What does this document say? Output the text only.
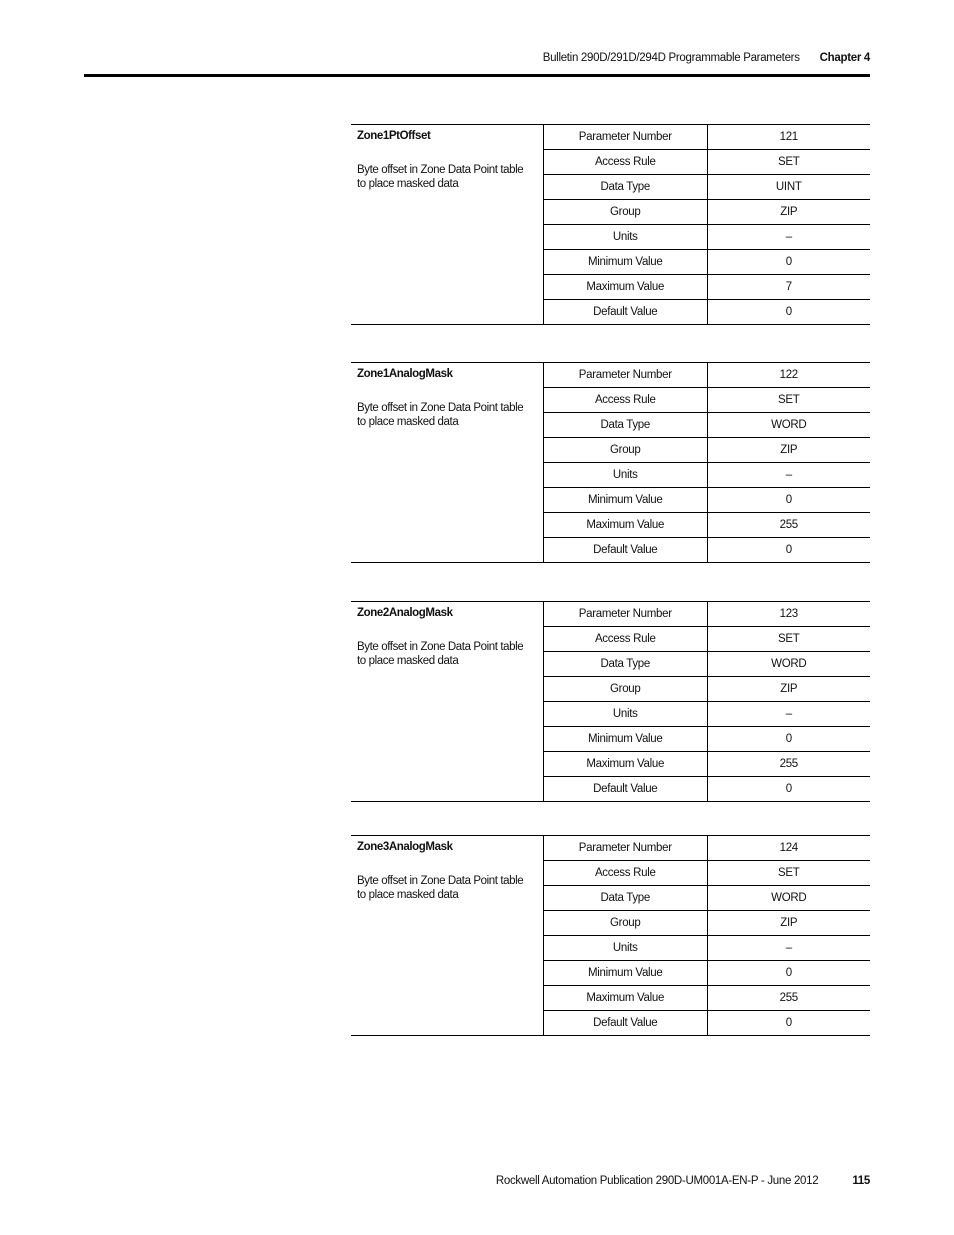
Bulletin 290D/291D/294D Programmable Parameters Chapter 4
Zone1PtOffset
Byte offset in Zone Data Point table to place masked data
Parameter Number	121
Access Rule	SET
Data Type	UINT
Group	ZIP
Units	–
Minimum Value	0
Maximum Value	7
Default Value	0
Zone1AnalogMask
Byte offset in Zone Data Point table to place masked data
Parameter Number	122
Access Rule	SET
Data Type	WORD
Group	ZIP
Units	–
Minimum Value	0
Maximum Value	255
Default Value	0
Zone2AnalogMask
Byte offset in Zone Data Point table to place masked data
Parameter Number	123
Access Rule	SET
Data Type	WORD
Group	ZIP
Units	–
Minimum Value	0
Maximum Value	255
Default Value	0
Zone3AnalogMask
Byte offset in Zone Data Point table to place masked data
Parameter Number	124
Access Rule	SET
Data Type	WORD
Group	ZIP
Units	–
Minimum Value	0
Maximum Value	255
Default Value	0
Rockwell Automation Publication 290D-UM001A-EN-P - June 2012	115
